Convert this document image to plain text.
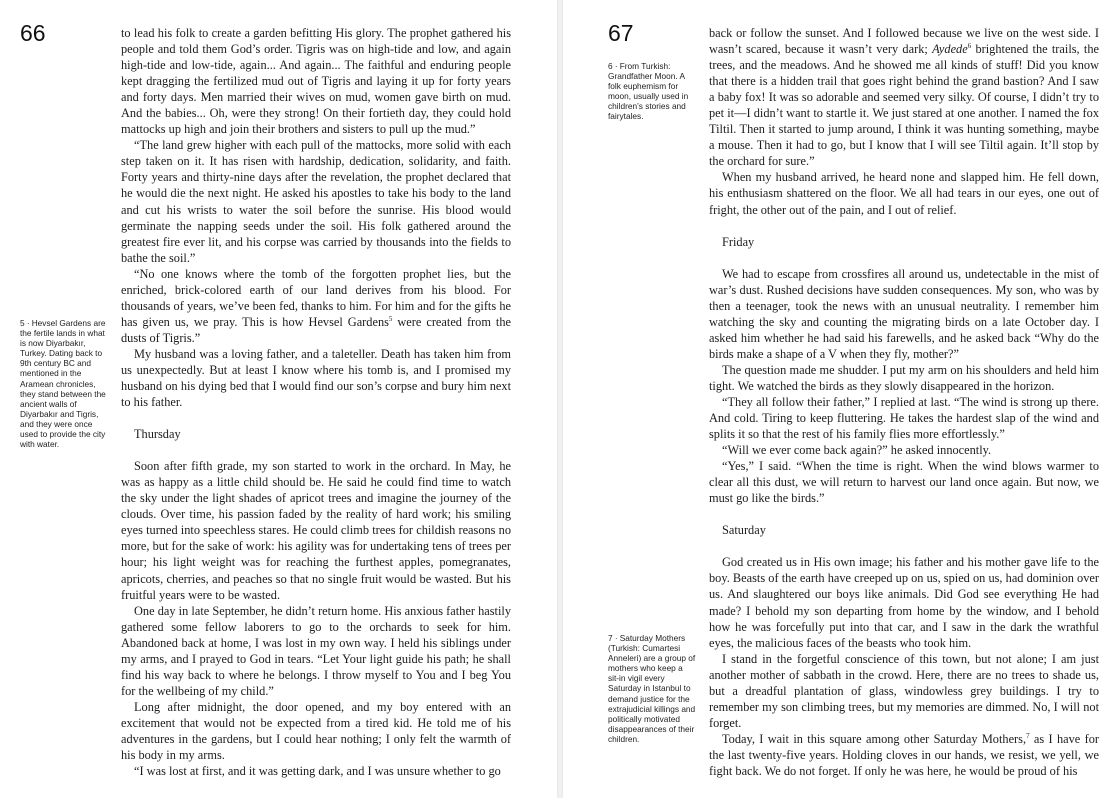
66
5 · Hevsel Gardens are the fertile lands in what is now Diyarbakır, Turkey. Dating back to 9th century BC and mentioned in the Aramean chronicles, they stand between the ancient walls of Diyarbakır and Tigris, and they were once used to provide the city with water.

to lead his folk to create a garden befitting His glory. The prophet gathered his people and told them God’s order. Tigris was on high-tide and low, and again high-tide and low-tide, again... And again... The faithful and enduring people kept dragging the fertilized mud out of Tigris and laying it up for forty years and forty days. Men married their wives on mud, women gave birth on mud. And the babies... Oh, were they strong! On their fortieth day, they could hold mattocks up high and join their brothers and sisters to pull up the mud.”

“The land grew higher with each pull of the mattocks, more solid with each step taken on it. It has risen with hardship, dedication, solidarity, and faith. Forty years and thirty-nine days after the revelation, the prophet declared that he would die the next night. He asked his apostles to take his body to the land and cut his wrists to water the soil before the sunrise. His blood would germinate the napping seeds under the soil. His folk gathered around the greatest fire ever lit, and his corpse was carried by thousands into the fields to bathe the soil.”

“No one knows where the tomb of the forgotten prophet lies, but the enriched, brick-colored earth of our land derives from his blood. For thousands of years, we’ve been fed, thanks to him. For him and for the gifts he has given us, we pray. This is how Hevsel Gardens$^5$ were created from the dusts of Tigris.”

My husband was a loving father, and a taleteller. Death has taken him from us unexpectedly. But at least I know where his tomb is, and I promised my husband on his dying bed that I would find our son’s corpse and bury him next to his father.

Thursday

Soon after fifth grade, my son started to work in the orchard. In May, he was as happy as a little child should be. He said he could find time to watch the sky under the light shades of apricot trees and imagine the journey of the clouds. Over time, his passion faded by the reality of hard work; his smiling eyes turned into speechless stares. He could climb trees for childish reasons no more, but for the sake of work: his agility was for undertaking tens of trees per hour; his light weight was for reaching the furthest apples, pomegranates, apricots, cherries, and peaches so that no single fruit would be wasted. But his fruitful years were to be wasted.

One day in late September, he didn’t return home. His anxious father hastily gathered some fellow laborers to go to the orchards to seek for him. Abandoned back at home, I was lost in my own way. I held his siblings under my arms, and I prayed to God in tears. “Let Your light guide his path; he shall find his way back to where he belongs. I throw myself to You and I beg You for the wellbeing of my child.”

Long after midnight, the door opened, and my boy entered with an excitement that would not be expected from a tired kid. He told me of his adventures in the gardens, but I could hear nothing; I only felt the warmth of his body in my arms.

“I was lost at first, and it was getting dark, and I was unsure whether to go

67
6 · From Turkish: Grandfather Moon. A folk euphemism for moon, usually used in children’s stories and fairytales.
7 · Saturday Mothers (Turkish: Cumartesi Anneleri) are a group of mothers who keep a sit-in vigil every Saturday in Istanbul to demand justice for the extrajudicial killings and politically motivated disappearances of their children.

back or follow the sunset. And I followed because we live on the west side. I wasn’t scared, because it wasn’t very dark; Aydede$^6$ brightened the trails, the trees, and the meadows. And he showed me all kinds of stuff! Did you know that there is a hidden trail that goes right behind the grand bastion? And I saw a baby fox! It was so adorable and seemed very silky. Of course, I didn’t try to pet it—I didn’t want to startle it. We just stared at one another. I named the fox Tiltil. Then it started to jump around, I think it was hunting something, maybe a mouse. Then it had to go, but I know that I will see Tiltil again. It’ll stop by the orchard for sure.”

When my husband arrived, he heard none and slapped him. He fell down, his enthusiasm shattered on the floor. We all had tears in our eyes, one out of fright, the other out of the pain, and I out of relief.

Friday

We had to escape from crossfires all around us, undetectable in the mist of war’s dust. Rushed decisions have sudden consequences. My son, who was by then a teenager, took the news with an unusual neutrality. I remember him watching the sky and counting the migrating birds on a late October day. I asked him whether he had said his farewells, and he asked back “Why do the birds make a shape of a V when they fly, mother?”

The question made me shudder. I put my arm on his shoulders and held him tight. We watched the birds as they slowly disappeared in the horizon.

“They all follow their father,” I replied at last. “The wind is strong up there. And cold. Tiring to keep fluttering. He takes the hardest slap of the wind and splits it so that the rest of his family flies more effortlessly.”

“Will we ever come back again?” he asked innocently.

“Yes,” I said. “When the time is right. When the wind blows warmer to clear all this dust, we will return to harvest our land once again. But now, we must go like the birds.”

Saturday

God created us in His own image; his father and his mother gave life to the boy. Beasts of the earth have creeped up on us, spied on us, had dominion over us. And slaughtered our boys like animals. Did God see everything He had made? I behold my son departing from home by the window, and I behold how he was forcefully put into that car, and I saw in the dark the wrathful eyes, the malicious faces of the beasts who took him.

I stand in the forgetful conscience of this town, but not alone; I am just another mother of sabbath in the crowd. Here, there are no trees to shade us, but a dreadful plantation of glass, windowless grey buildings. I try to remember my son climbing trees, but my memories are dimmed. No, I will not forget.

Today, I wait in this square among other Saturday Mothers,$^7$ as I have for the last twenty-five years. Holding cloves in our hands, we resist, we yell, we fight back. We do not forget. If only he was here, he would be proud of his
